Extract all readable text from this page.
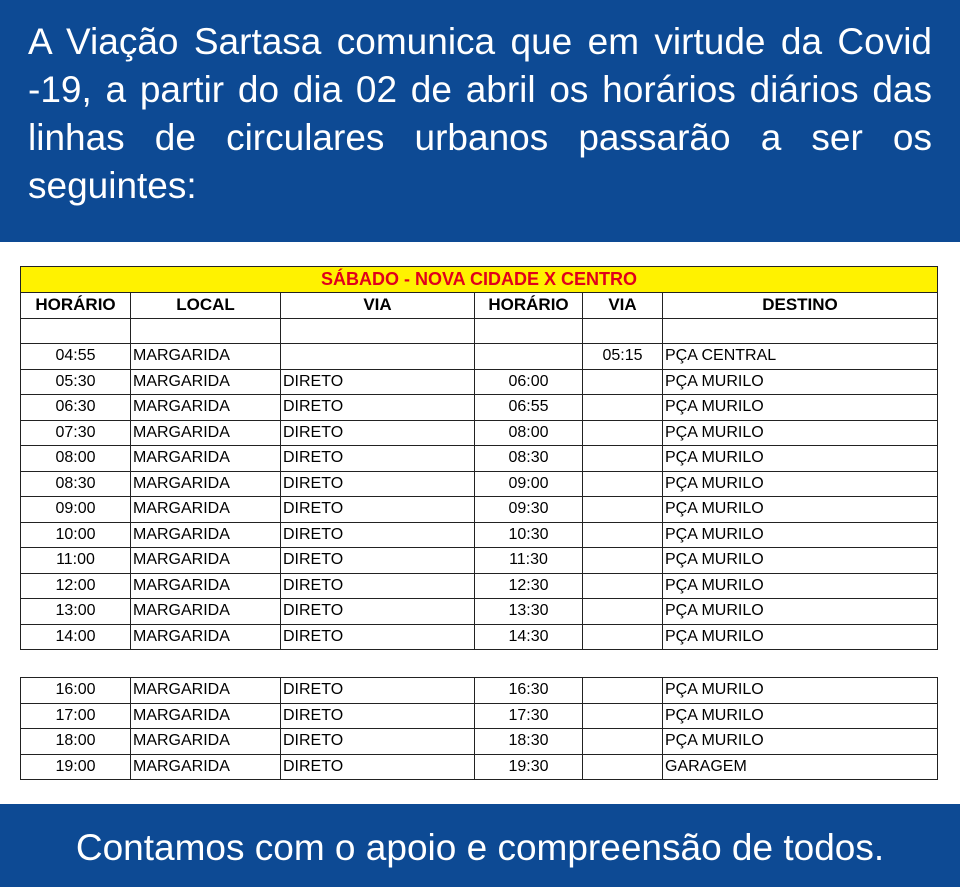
A Viação Sartasa comunica que em virtude da Covid -19, a partir do dia 02 de abril os horários diários das linhas de circulares urbanos passarão a ser os seguintes:
SÁBADO - NOVA CIDADE X CENTRO					
HORÁRIO	LOCAL	VIA	HORÁRIO	VIA	DESTINO

04:55	MARGARIDA			05:15	PÇA CENTRAL
05:30	MARGARIDA	DIRETO	06:00		PÇA MURILO
06:30	MARGARIDA	DIRETO	06:55		PÇA MURILO
07:30	MARGARIDA	DIRETO	08:00		PÇA MURILO
08:00	MARGARIDA	DIRETO	08:30		PÇA MURILO
08:30	MARGARIDA	DIRETO	09:00		PÇA MURILO
09:00	MARGARIDA	DIRETO	09:30		PÇA MURILO
10:00	MARGARIDA	DIRETO	10:30		PÇA MURILO
11:00	MARGARIDA	DIRETO	11:30		PÇA MURILO
12:00	MARGARIDA	DIRETO	12:30		PÇA MURILO
13:00	MARGARIDA	DIRETO	13:30		PÇA MURILO
14:00	MARGARIDA	DIRETO	14:30		PÇA MURILO
16:00	MARGARIDA	DIRETO	16:30		PÇA MURILO
17:00	MARGARIDA	DIRETO	17:30		PÇA MURILO
18:00	MARGARIDA	DIRETO	18:30		PÇA MURILO
19:00	MARGARIDA	DIRETO	19:30		GARAGEM
Contamos com o apoio e compreensão de todos.
